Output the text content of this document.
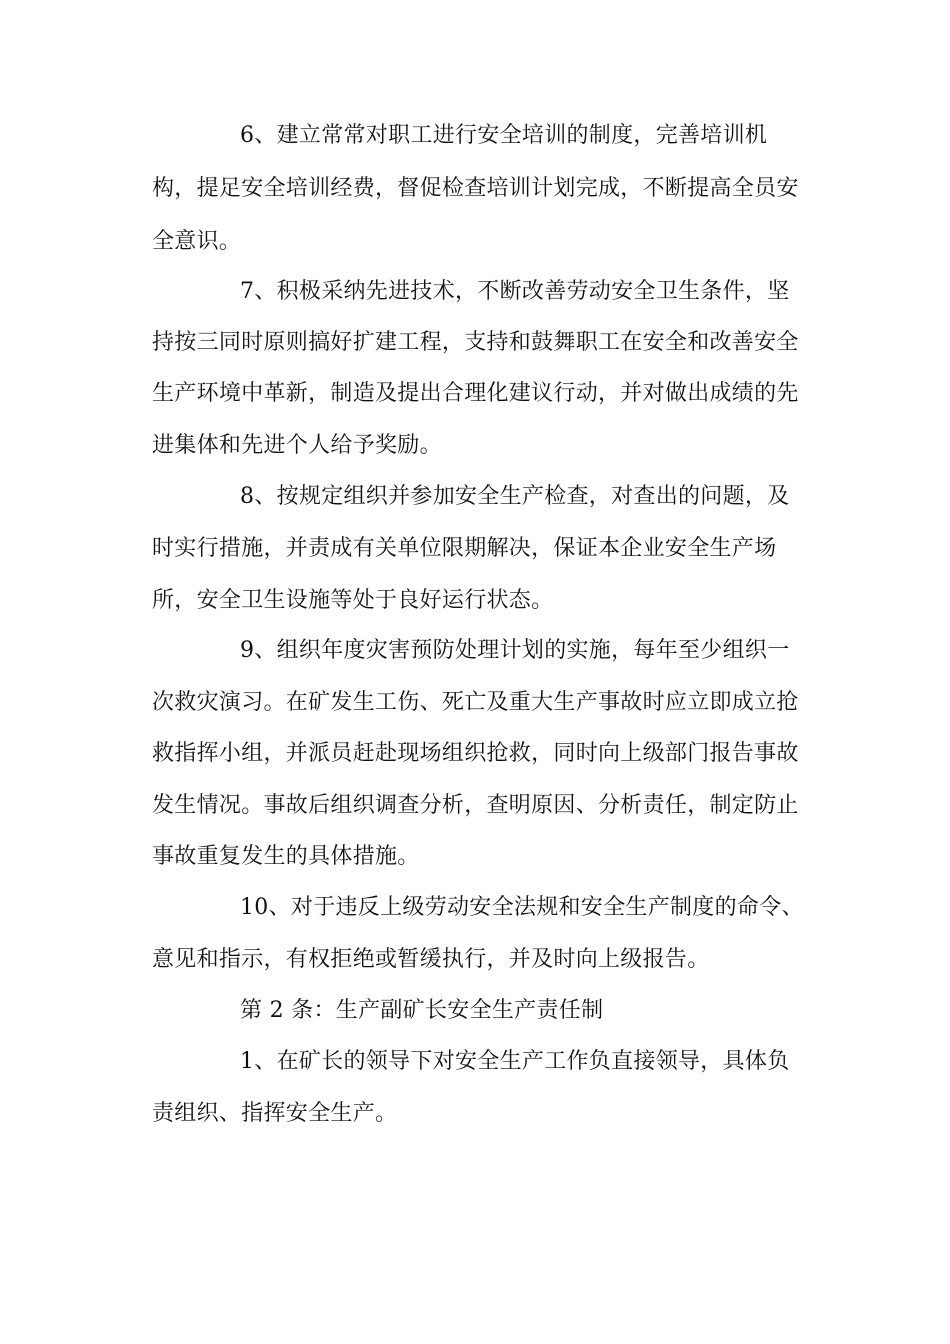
6、建立常常对职工进行安全培训的制度，完善培训机
构，提足安全培训经费，督促检查培训计划完成，不断提高全员安
全意识。
7、积极采纳先进技术，不断改善劳动安全卫生条件，坚
持按三同时原则搞好扩建工程，支持和鼓舞职工在安全和改善安全
生产环境中革新，制造及提出合理化建议行动，并对做出成绩的先
进集体和先进个人给予奖励。
8、按规定组织并参加安全生产检查，对查出的问题，及
时实行措施，并责成有关单位限期解决，保证本企业安全生产场
所，安全卫生设施等处于良好运行状态。
9、组织年度灾害预防处理计划的实施，每年至少组织一
次救灾演习。在矿发生工伤、死亡及重大生产事故时应立即成立抢
救指挥小组，并派员赶赴现场组织抢救，同时向上级部门报告事故
发生情况。事故后组织调查分析，查明原因、分析责任，制定防止
事故重复发生的具体措施。
10、对于违反上级劳动安全法规和安全生产制度的命令、
意见和指示，有权拒绝或暂缓执行，并及时向上级报告。
第 2 条：生产副矿长安全生产责任制
1、在矿长的领导下对安全生产工作负直接领导，具体负
责组织、指挥安全生产。
